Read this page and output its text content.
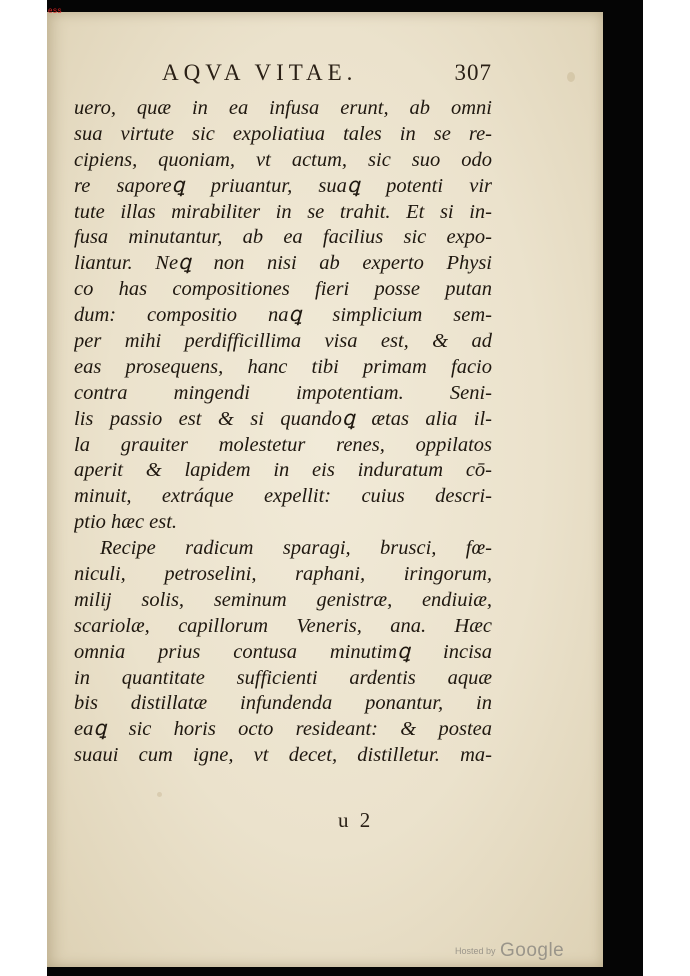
ess
AQVA VITAE.	307
uero, quæ in ea infusa erunt, ab omni
sua virtute sic expoliatiua tales in se re-
cipiens, quoniam, vt actum, sic suo odo
re saporeꝗ priuantur, suaꝗ potenti vir
tute illas mirabiliter in se trahit. Et si in-
fusa minutantur, ab ea facilius sic expo-
liantur. Neꝗ non nisi ab experto Physi
co has compositiones fieri posse putan
dum: compositio naꝗ simplicium sem-
per mihi perdifficillima visa est, & ad
eas prosequens, hanc tibi primam facio
contra mingendi impotentiam. Seni-
lis passio est & si quandoꝗ ætas alia il-
la grauiter molestetur renes, oppilatos
aperit & lapidem in eis induratum cō-
minuit, extráque expellit: cuius descri-
ptio hæc est.
Recipe radicum sparagi, brusci, fœ-
niculi, petroselini, raphani, iringorum,
milij solis, seminum genistræ, endiuiæ,
scariolæ, capillorum Veneris, ana. Hæc
omnia prius contusa minutimꝗ incisa
in quantitate sufficienti ardentis aquæ
bis distillatæ infundenda ponantur, in
eaꝗ sic horis octo resideant: & postea
suaui cum igne, vt decet, distilletur. ma-
u 2
Hosted by Google
